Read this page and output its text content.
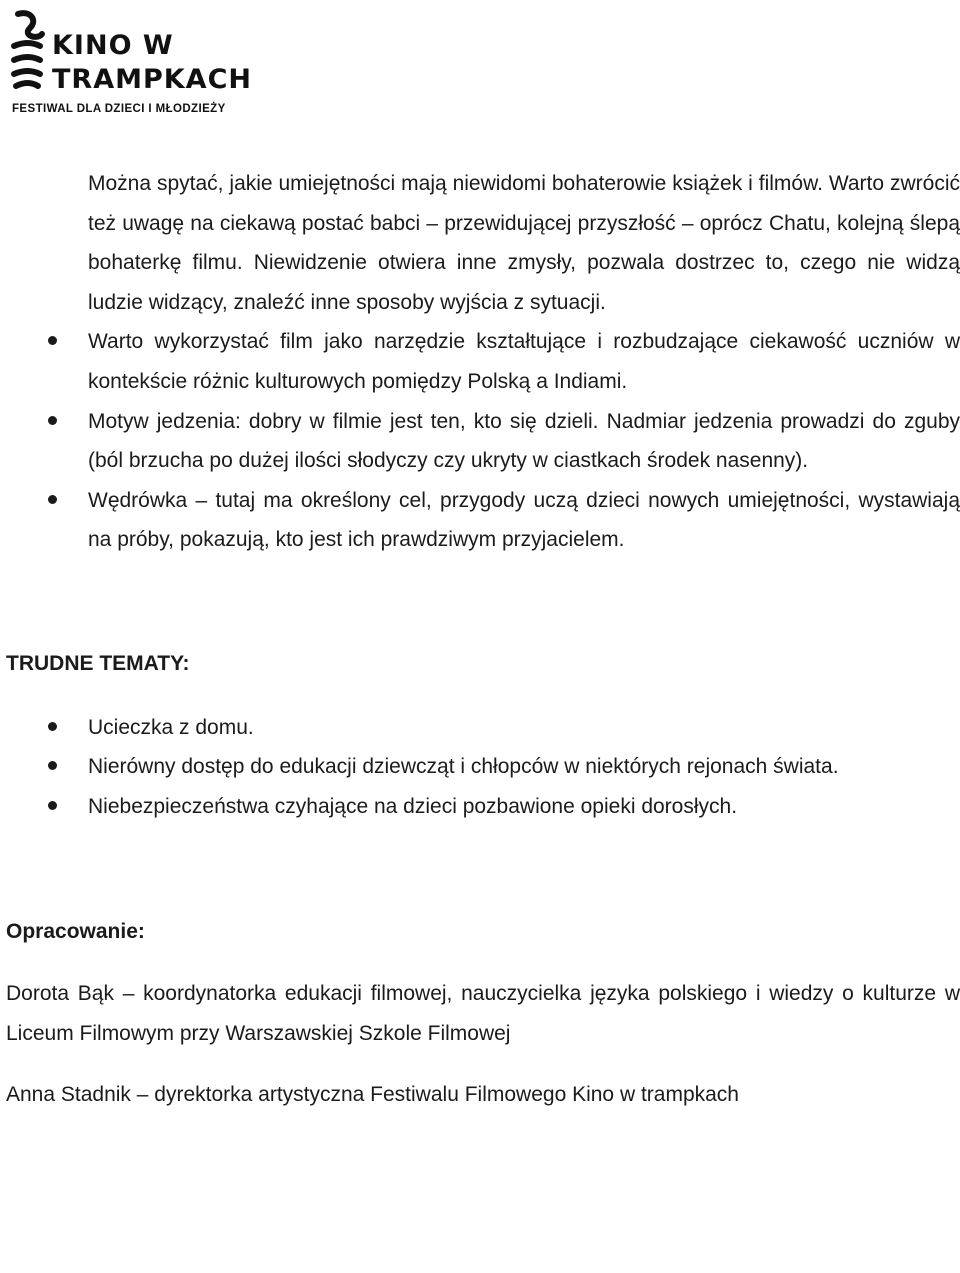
KINO W
TRAMPKACH
FESTIWAL DLA DZIECI I MŁODZIEŻY

Można spytać, jakie umiejętności mają niewidomi bohaterowie książek i filmów. Warto zwrócić też uwagę na ciekawą postać babci – przewidującej przyszłość – oprócz Chatu, kolejną ślepą bohaterkę filmu. Niewidzenie otwiera inne zmysły, pozwala dostrzec to, czego nie widzą ludzie widzący, znaleźć inne sposoby wyjścia z sytuacji.

Warto wykorzystać film jako narzędzie kształtujące i rozbudzające ciekawość uczniów w kontekście różnic kulturowych pomiędzy Polską a Indiami.
Motyw jedzenia: dobry w filmie jest ten, kto się dzieli. Nadmiar jedzenia prowadzi do zguby (ból brzucha po dużej ilości słodyczy czy ukryty w ciastkach środek nasenny).
Wędrówka – tutaj ma określony cel, przygody uczą dzieci nowych umiejętności, wystawiają na próby, pokazują, kto jest ich prawdziwym przyjacielem.
TRUDNE TEMATY:
Ucieczka z domu.
Nierówny dostęp do edukacji dziewcząt i chłopców w niektórych rejonach świata.
Niebezpieczeństwa czyhające na dzieci pozbawione opieki dorosłych.
Opracowanie:

Dorota Bąk – koordynatorka edukacji filmowej, nauczycielka języka polskiego i wiedzy o kulturze w Liceum Filmowym przy Warszawskiej Szkole Filmowej

Anna Stadnik – dyrektorka artystyczna Festiwalu Filmowego Kino w trampkach
